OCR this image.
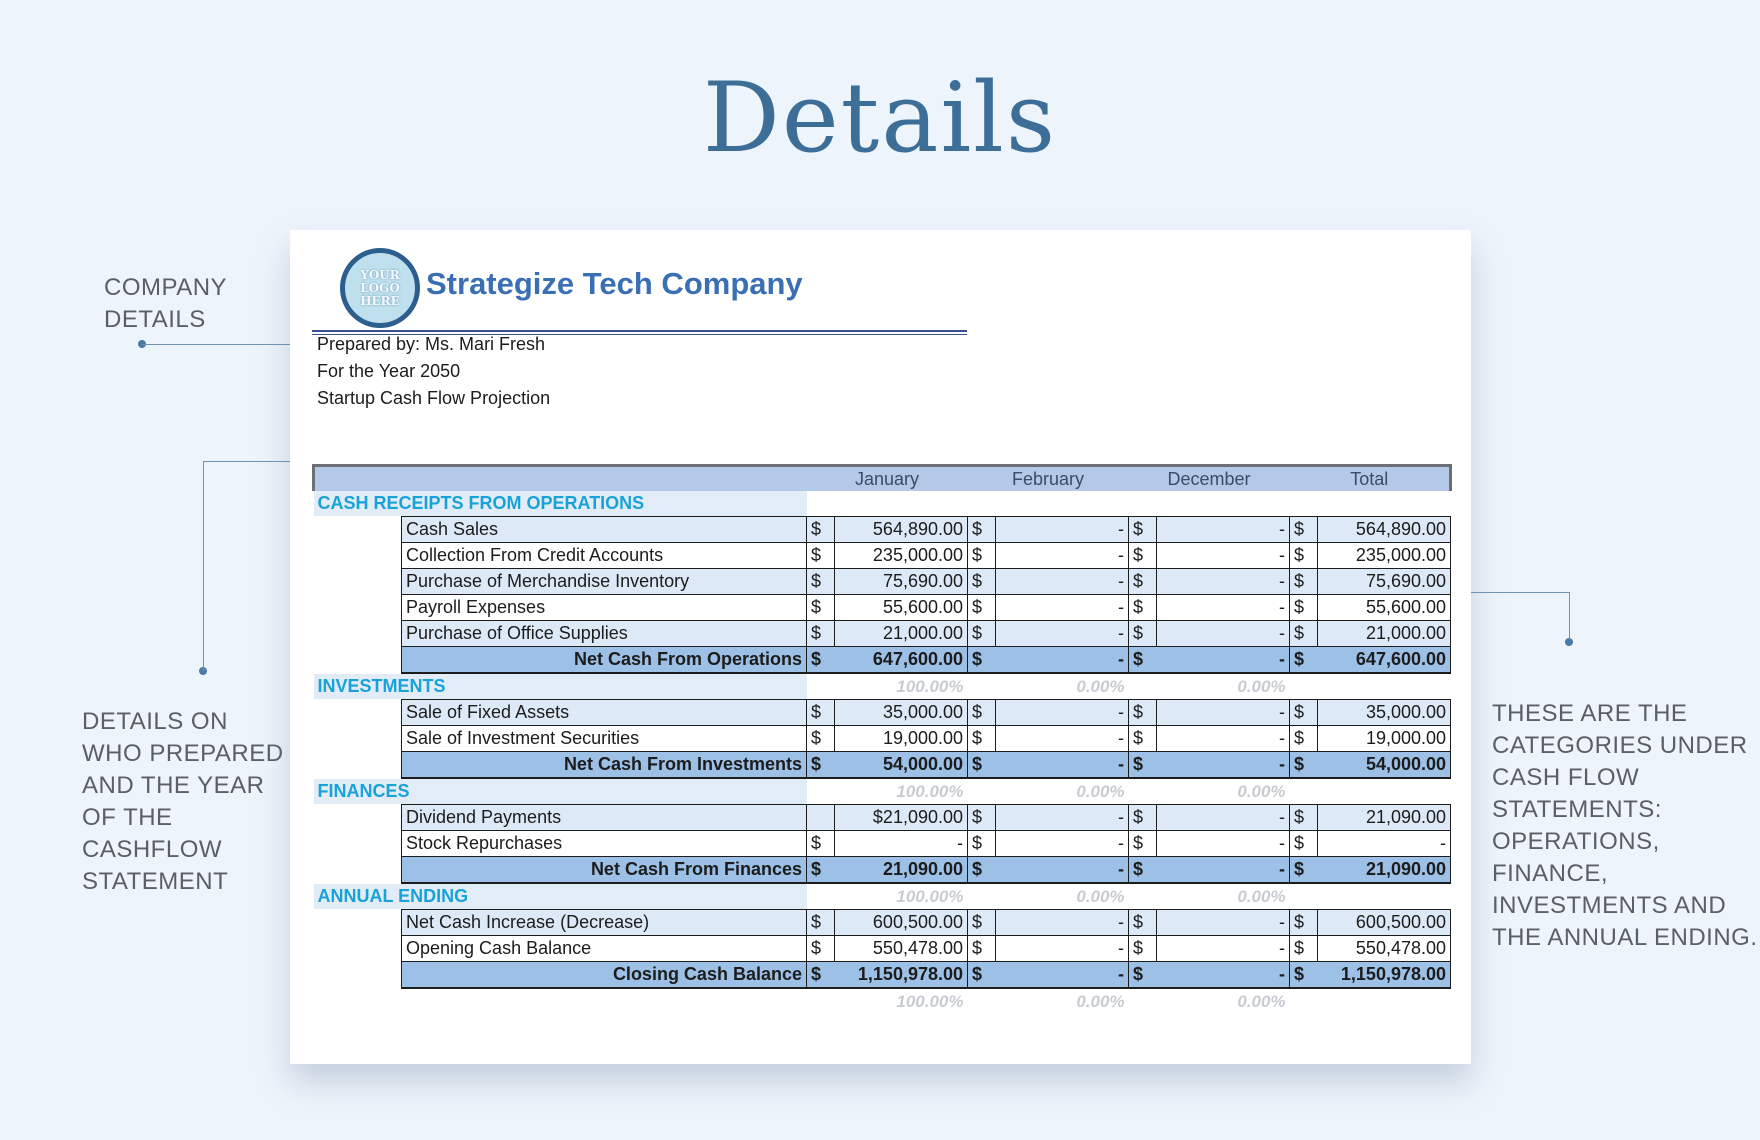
Details
COMPANY
DETAILS
DETAILS ON
WHO PREPARED
AND THE YEAR
OF THE
CASHFLOW
STATEMENT
THESE ARE THE
CATEGORIES UNDER
CASH FLOW
STATEMENTS:
OPERATIONS,
FINANCE,
INVESTMENTS AND
THE ANNUAL ENDING.
YOUR
LOGO
HERE Strategize Tech Company
Prepared by: Ms. Mari Fresh
For the Year 2050
Startup Cash Flow Projection
		January		February		December		Total	
CASH RECEIPTS FROM OPERATIONS									
	Cash Sales	$	564,890.00	$	-	$	-	$	564,890.00
	Collection From Credit Accounts	$	235,000.00	$	-	$	-	$	235,000.00
	Purchase of Merchandise Inventory	$	75,690.00	$	-	$	-	$	75,690.00
	Payroll Expenses	$	55,600.00	$	-	$	-	$	55,600.00
	Purchase of Office Supplies	$	21,000.00	$	-	$	-	$	21,000.00
	Net Cash From Operations	$	647,600.00	$	-	$	-	$	647,600.00
INVESTMENTS			100.00%		0.00%		0.00%		
	Sale of Fixed Assets	$	35,000.00	$	-	$	-	$	35,000.00
	Sale of Investment Securities	$	19,000.00	$	-	$	-	$	19,000.00
	Net Cash From Investments	$	54,000.00	$	-	$	-	$	54,000.00
FINANCES			100.00%		0.00%		0.00%		
	Dividend Payments		$21,090.00	$	-	$	-	$	21,090.00
	Stock Repurchases	$	-	$	-	$	-	$	-
	Net Cash From Finances	$	21,090.00	$	-	$	-	$	21,090.00
ANNUAL ENDING			100.00%		0.00%		0.00%		
	Net Cash Increase (Decrease)	$	600,500.00	$	-	$	-	$	600,500.00
	Opening Cash Balance	$	550,478.00	$	-	$	-	$	550,478.00
	Closing Cash Balance	$	1,150,978.00	$	-	$	-	$	1,150,978.00
			100.00%		0.00%		0.00%		
